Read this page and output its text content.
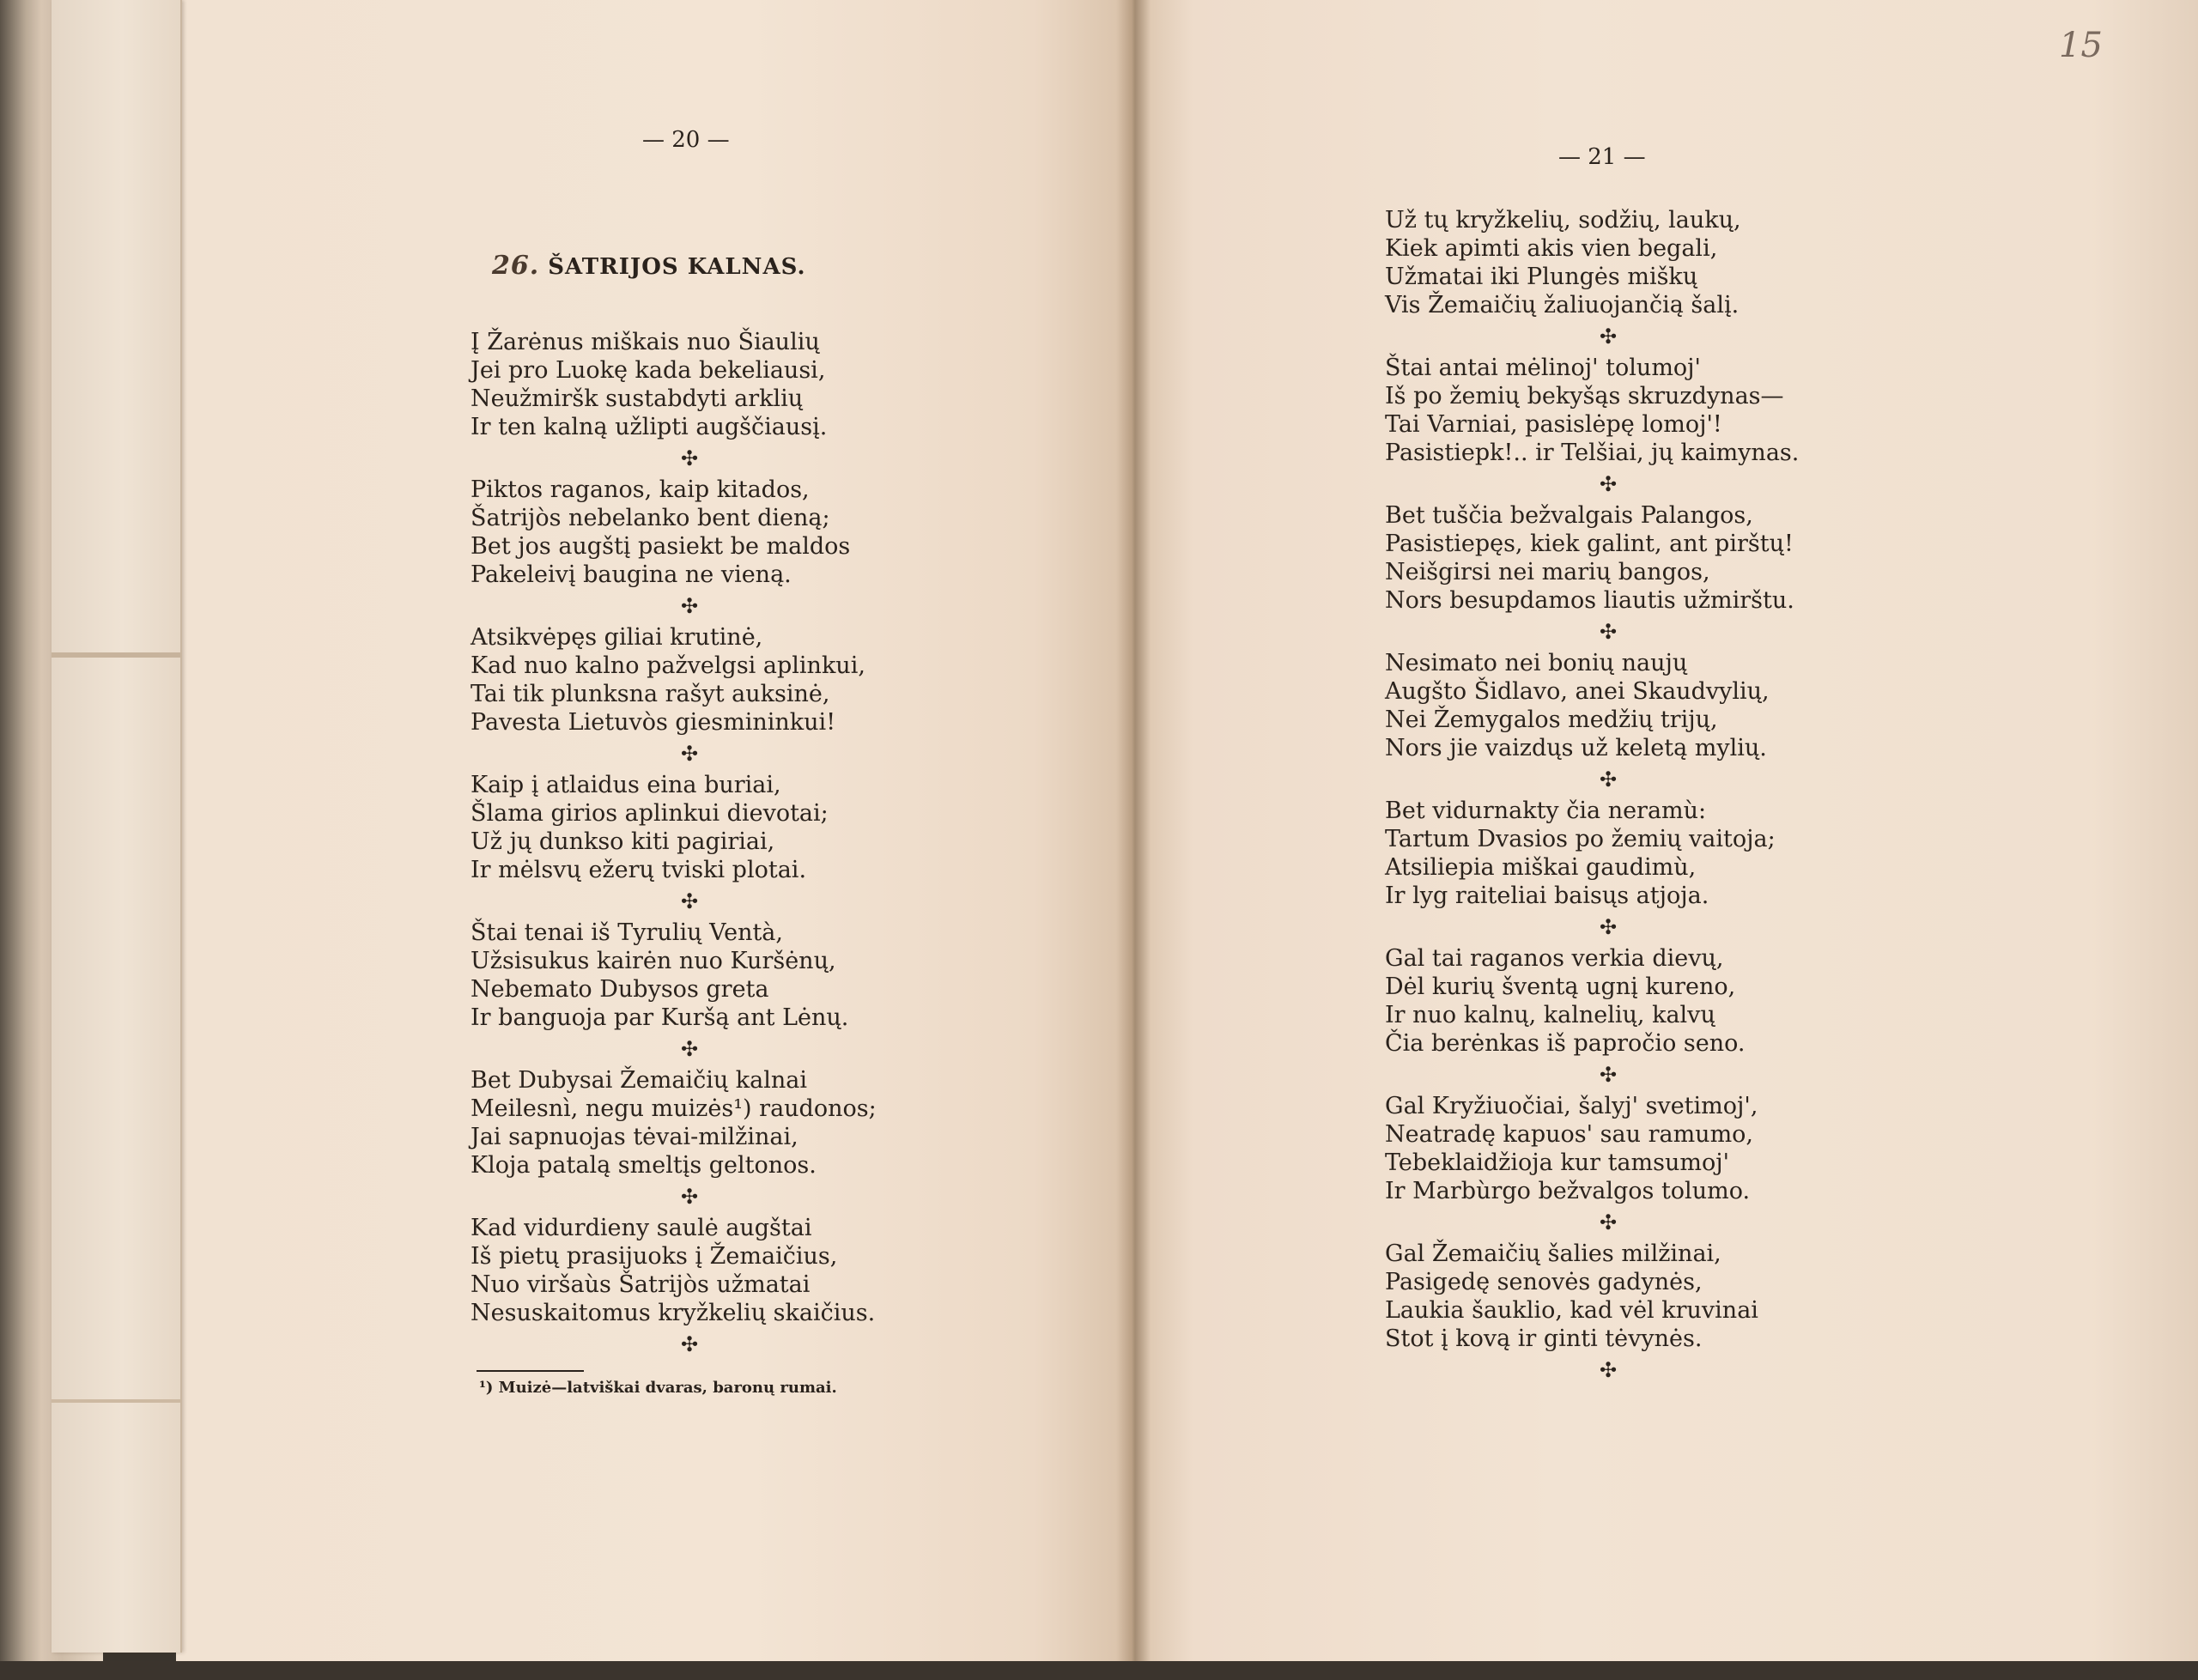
— 20 —
26. ŠATRIJOS KALNAS.
Į Žarėnus miškais nuo Šiaulių
Jei pro Luokę kada bekeliausi,
Neužmiršk sustabdyti arklių
Ir ten kalną užlipti augščiausį.
✣
Piktos raganos, kaip kitados,
Šatrijòs nebelanko bent dieną;
Bet jos augštį pasiekt be maldos
Pakeleivį baugina ne vieną.
✣
Atsikvėpęs giliai krutinė,
Kad nuo kalno pažvelgsi aplinkui,
Tai tik plunksna rašyt auksinė,
Pavesta Lietuvòs giesmininkui!
✣
Kaip į atlaidus eina buriai,
Šlama girios aplinkui dievotai;
Už jų dunkso kiti pagiriai,
Ir mėlsvų ežerų tviski plotai.
✣
Štai tenai iš Tyrulių Ventà,
Užsisukus kairėn nuo Kuršėnų,
Nebemato Dubysos greta
Ir banguoja par Kuršą ant Lėnų.
✣
Bet Dubysai Žemaičių kalnai
Meilesnì, negu muizės¹) raudonos;
Jai sapnuojas tėvai-milžinai,
Kloja patalą smeltįs geltonos.
✣
Kad vidurdieny saulė augštai
Iš pietų prasijuoks į Žemaičius,
Nuo viršaùs Šatrijòs užmatai
Nesuskaitomus kryžkelių skaičius.
✣
¹) Muizė—latviškai dvaras, baronų rumai.
15
— 21 —
Už tų kryžkelių, sodžių, laukų,
Kiek apimti akis vien begali,
Užmatai iki Plungės miškų
Vis Žemaičių žaliuojančią šalį.
✣
Štai antai mėlinoj' tolumoj'
Iš po žemių bekyšąs skruzdynas—
Tai Varniai, pasislėpę lomoj'!
Pasistiepk!.. ir Telšiai, jų kaimynas.
✣
Bet tuščia bežvalgais Palangos,
Pasistiepęs, kiek galint, ant pirštų!
Neišgirsi nei marių bangos,
Nors besupdamos liautis užmirštu.
✣
Nesimato nei bonių naujų
Augšto Šidlavo, anei Skaudvylių,
Nei Žemygalos medžių trijų,
Nors jie vaizdųs už keletą mylių.
✣
Bet vidurnakty čia neramù:
Tartum Dvasios po žemių vaitoja;
Atsiliepia miškai gaudimù,
Ir lyg raiteliai baisųs atjoja.
✣
Gal tai raganos verkia dievų,
Dėl kurių šventą ugnį kureno,
Ir nuo kalnų, kalnelių, kalvų
Čia berėnkas iš papročio seno.
✣
Gal Kryžiuočiai, šalyj' svetimoj',
Neatradę kapuos' sau ramumo,
Tebeklaidžioja kur tamsumoj'
Ir Marbùrgo bežvalgos tolumo.
✣
Gal Žemaičių šalies milžinai,
Pasigedę senovės gadynės,
Laukia šauklio, kad vėl kruvinai
Stot į kovą ir ginti tėvynės.
✣
